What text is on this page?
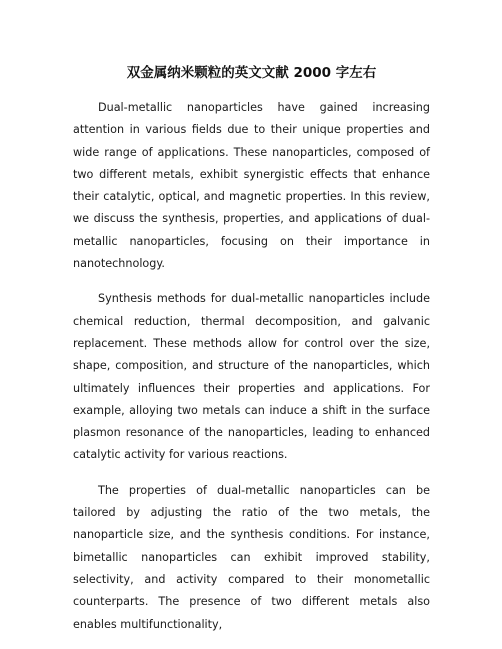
双金属纳米颗粒的英文文献 2000 字左右

Dual-metallic nanoparticles have gained increasing attention in various fields due to their unique properties and wide range of applications. These nanoparticles, composed of two different metals, exhibit synergistic effects that enhance their catalytic, optical, and magnetic properties. In this review, we discuss the synthesis, properties, and applications of dual-metallic nanoparticles, focusing on their importance in nanotechnology.

Synthesis methods for dual-metallic nanoparticles include chemical reduction, thermal decomposition, and galvanic replacement. These methods allow for control over the size, shape, composition, and structure of the nanoparticles, which ultimately influences their properties and applications. For example, alloying two metals can induce a shift in the surface plasmon resonance of the nanoparticles, leading to enhanced catalytic activity for various reactions.

The properties of dual-metallic nanoparticles can be tailored by adjusting the ratio of the two metals, the nanoparticle size, and the synthesis conditions. For instance, bimetallic nanoparticles can exhibit improved stability, selectivity, and activity compared to their monometallic counterparts. The presence of two different metals also enables multifunctionality,
